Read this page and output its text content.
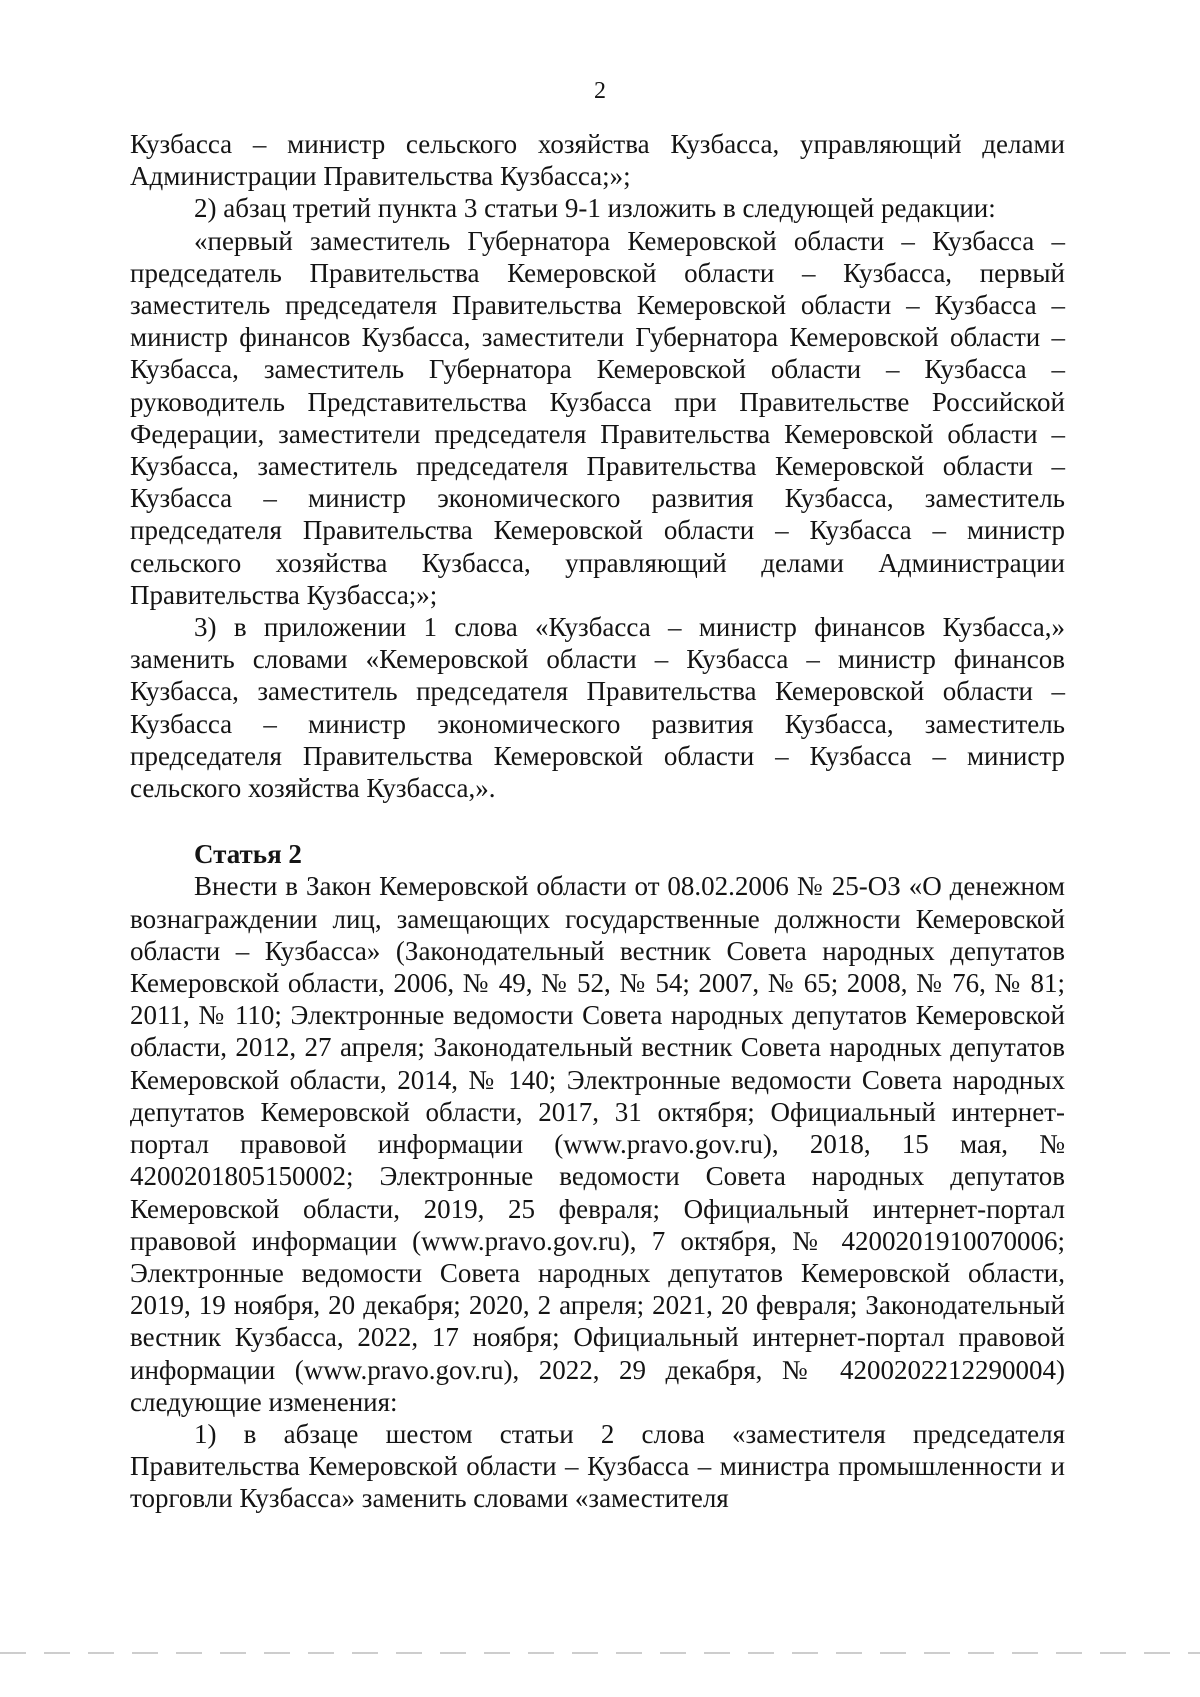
2

Кузбасса – министр сельского хозяйства Кузбасса, управляющий делами Администрации Правительства Кузбасса;»;

2) абзац третий пункта 3 статьи 9-1 изложить в следующей редакции:

«первый заместитель Губернатора Кемеровской области – Кузбасса – председатель Правительства Кемеровской области – Кузбасса, первый заместитель председателя Правительства Кемеровской области – Кузбасса – министр финансов Кузбасса, заместители Губернатора Кемеровской области – Кузбасса, заместитель Губернатора Кемеровской области – Кузбасса – руководитель Представительства Кузбасса при Правительстве Российской Федерации, заместители председателя Правительства Кемеровской области – Кузбасса, заместитель председателя Правительства Кемеровской области – Кузбасса – министр экономического развития Кузбасса, заместитель председателя Правительства Кемеровской области – Кузбасса – министр сельского хозяйства Кузбасса, управляющий делами Администрации Правительства Кузбасса;»;

3) в приложении 1 слова «Кузбасса – министр финансов Кузбасса,» заменить словами «Кемеровской области – Кузбасса – министр финансов Кузбасса, заместитель председателя Правительства Кемеровской области – Кузбасса – министр экономического развития Кузбасса, заместитель председателя Правительства Кемеровской области – Кузбасса – министр сельского хозяйства Кузбасса,».

Статья 2

Внести в Закон Кемеровской области от 08.02.2006 № 25-ОЗ «О денежном вознаграждении лиц, замещающих государственные должности Кемеровской области – Кузбасса» (Законодательный вестник Совета народных депутатов Кемеровской области, 2006, № 49, № 52, № 54; 2007, № 65; 2008, № 76, № 81; 2011, № 110; Электронные ведомости Совета народных депутатов Кемеровской области, 2012, 27 апреля; Законодательный вестник Совета народных депутатов Кемеровской области, 2014, № 140; Электронные ведомости Совета народных депутатов Кемеровской области, 2017, 31 октября; Официальный интернет-портал правовой информации (www.pravo.gov.ru), 2018, 15 мая, № 4200201805150002; Электронные ведомости Совета народных депутатов Кемеровской области, 2019, 25 февраля; Официальный интернет-портал правовой информации (www.pravo.gov.ru), 7 октября, № 4200201910070006; Электронные ведомости Совета народных депутатов Кемеровской области, 2019, 19 ноября, 20 декабря; 2020, 2 апреля; 2021, 20 февраля; Законодательный вестник Кузбасса, 2022, 17 ноября; Официальный интернет-портал правовой информации (www.pravo.gov.ru), 2022, 29 декабря, № 4200202212290004) следующие изменения:

1) в абзаце шестом статьи 2 слова «заместителя председателя Правительства Кемеровской области – Кузбасса – министра промышленности и торговли Кузбасса» заменить словами «заместителя
